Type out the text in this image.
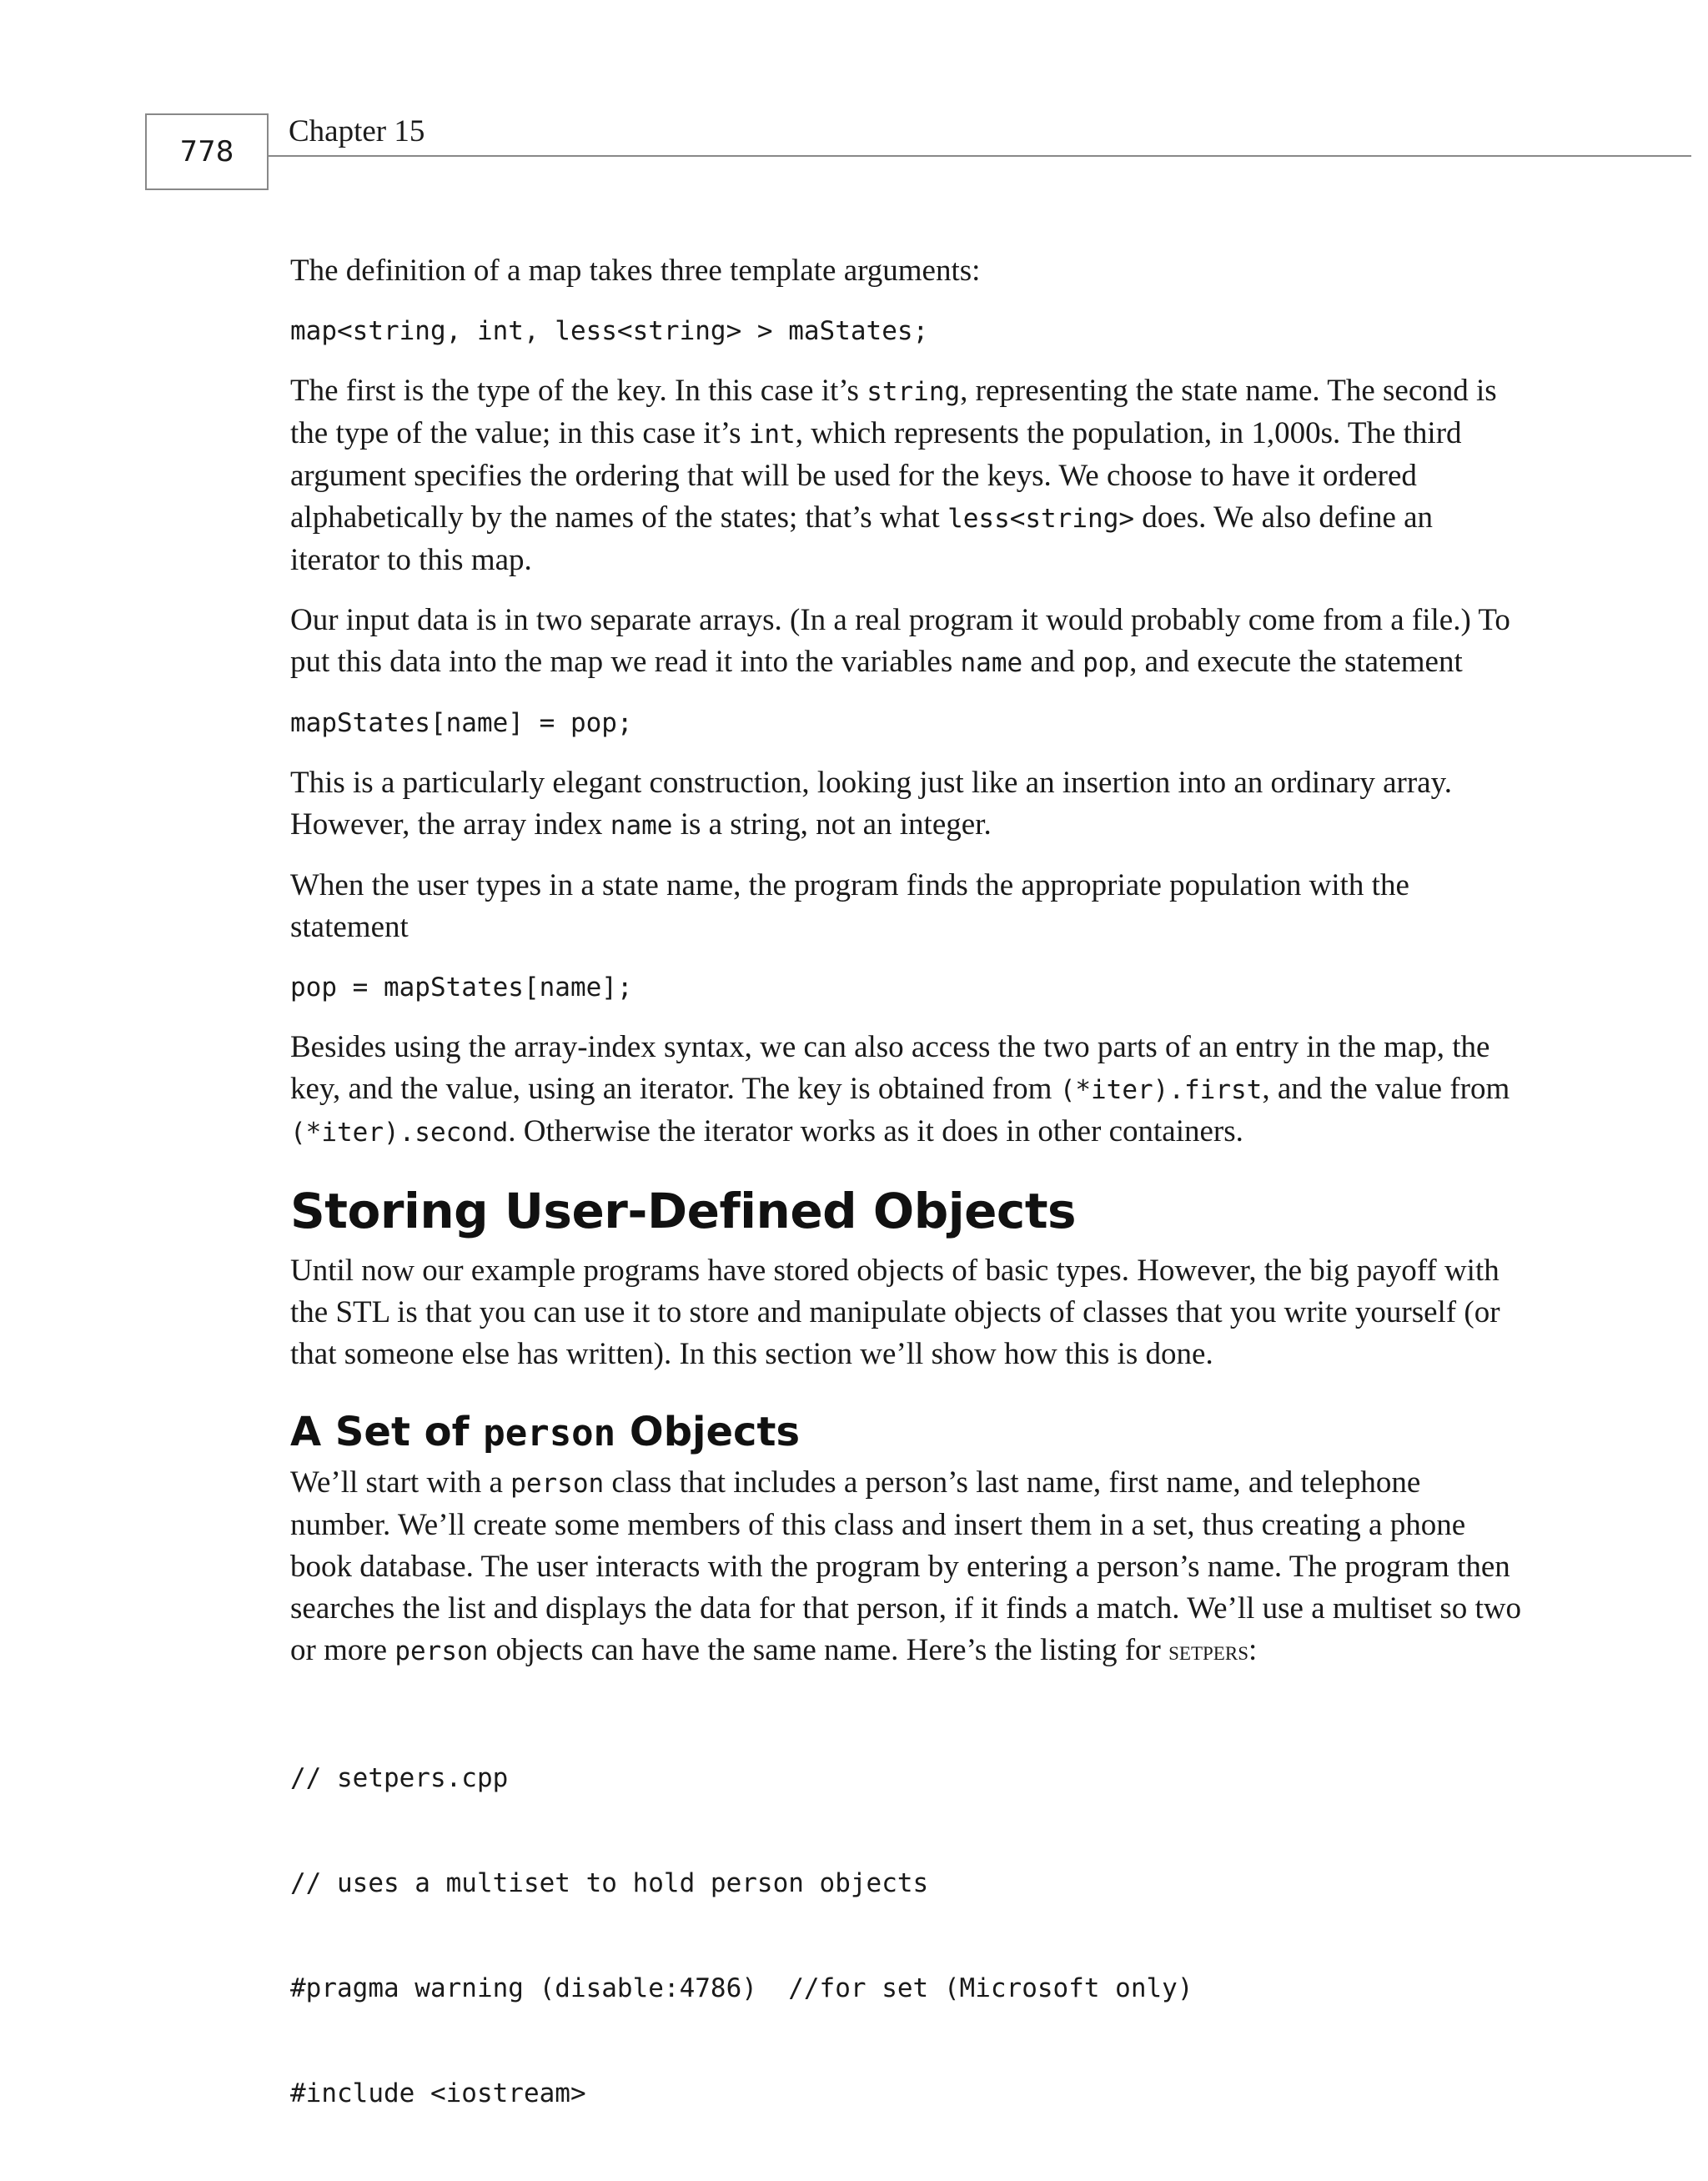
778
Chapter 15

The definition of a map takes three template arguments:

map<string, int, less<string> > maStates;

The first is the type of the key. In this case it’s string, representing the state name. The second is the type of the value; in this case it’s int, which represents the population, in 1,000s. The third argument specifies the ordering that will be used for the keys. We choose to have it ordered alphabetically by the names of the states; that’s what less<string> does. We also define an iterator to this map.

Our input data is in two separate arrays. (In a real program it would probably come from a file.) To put this data into the map we read it into the variables name and pop, and execute the statement

mapStates[name] = pop;

This is a particularly elegant construction, looking just like an insertion into an ordinary array. However, the array index name is a string, not an integer.

When the user types in a state name, the program finds the appropriate population with the statement

pop = mapStates[name];

Besides using the array-index syntax, we can also access the two parts of an entry in the map, the key, and the value, using an iterator. The key is obtained from (*iter).first, and the value from (*iter).second. Otherwise the iterator works as it does in other containers.

Storing User-Defined Objects

Until now our example programs have stored objects of basic types. However, the big payoff with the STL is that you can use it to store and manipulate objects of classes that you write yourself (or that someone else has written). In this section we’ll show how this is done.

A Set of person Objects

We’ll start with a person class that includes a person’s last name, first name, and telephone number. We’ll create some members of this class and insert them in a set, thus creating a phone book database. The user interacts with the program by entering a person’s name. The program then searches the list and displays the data for that person, if it finds a match. We’ll use a multiset so two or more person objects can have the same name. Here’s the listing for setpers:

// setpers.cpp

// uses a multiset to hold person objects

#pragma warning (disable:4786)  //for set (Microsoft only)

#include <iostream>
